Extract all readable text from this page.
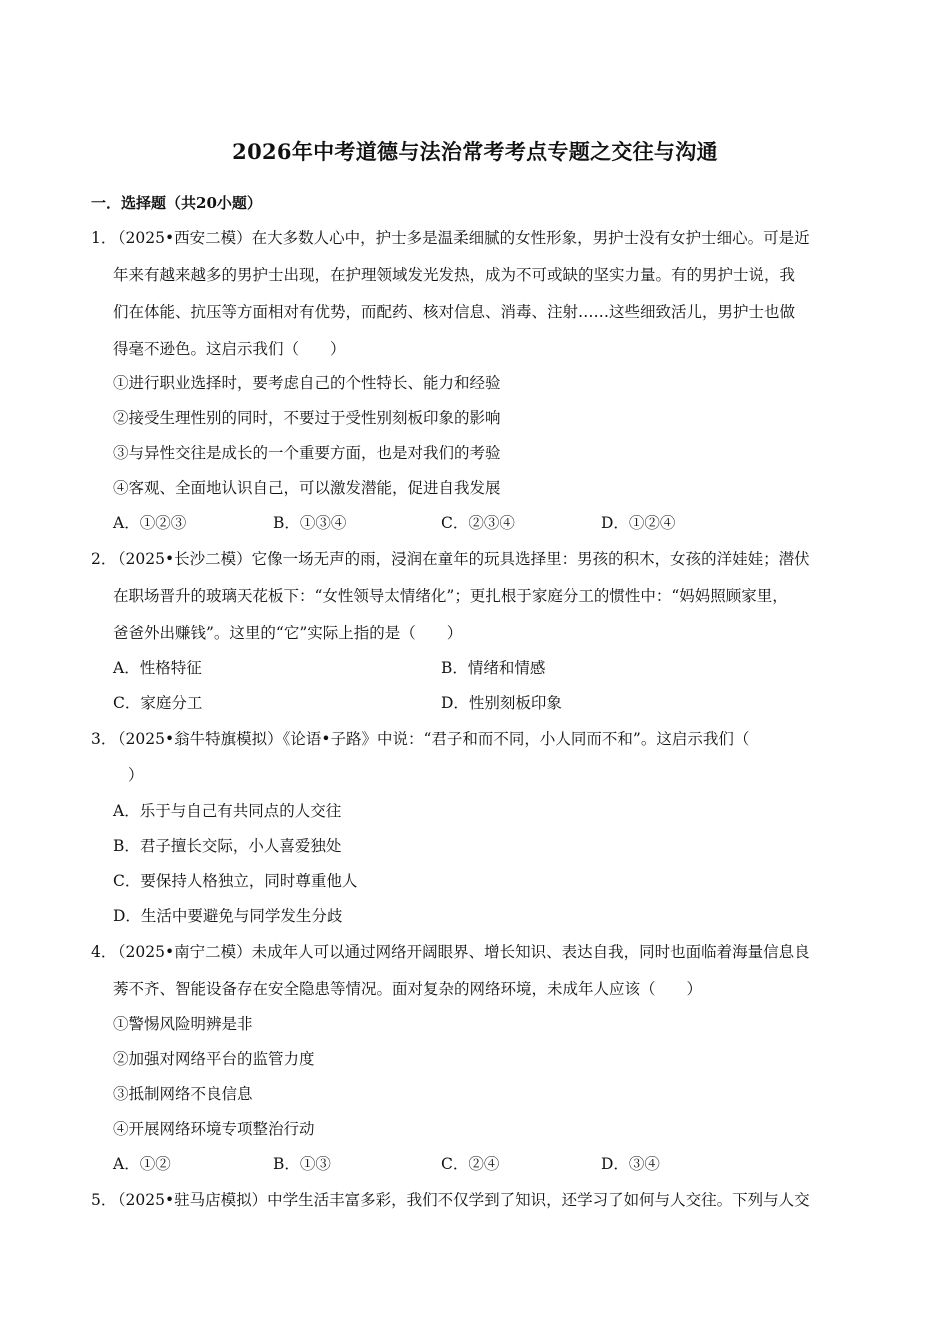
2026年中考道德与法治常考考点专题之交往与沟通
一．选择题（共20小题）
1．
（2025•西安二模）在大多数人心中，护士多是温柔细腻的女性形象，男护士没有女护士细心。可是近
年来有越来越多的男护士出现，在护理领域发光发热，成为不可或缺的坚实力量。有的男护士说，我
们在体能、抗压等方面相对有优势，而配药、核对信息、消毒、注射……这些细致活儿，男护士也做
得毫不逊色。这启示我们（　　）
①进行职业选择时，要考虑自己的个性特长、能力和经验
②接受生理性别的同时，不要过于受性别刻板印象的影响
③与异性交往是成长的一个重要方面，也是对我们的考验
④客观、全面地认识自己，可以激发潜能，促进自我发展
A．①②③	B．①③④	C．②③④	D．①②④
2．
（2025•长沙二模）它像一场无声的雨，浸润在童年的玩具选择里：男孩的积木，女孩的洋娃娃；潜伏
在职场晋升的玻璃天花板下：“女性领导太情绪化”；更扎根于家庭分工的惯性中：“妈妈照顾家里，
爸爸外出赚钱”。这里的“它”实际上指的是（　　）
A．性格特征	B．情绪和情感
C．家庭分工	D．性别刻板印象
3．
（2025•翁牛特旗模拟）《论语•子路》中说：“君子和而不同，小人同而不和”。这启示我们（
）
A．乐于与自己有共同点的人交往
B．君子擅长交际，小人喜爱独处
C．要保持人格独立，同时尊重他人
D．生活中要避免与同学发生分歧
4．
（2025•南宁二模）未成年人可以通过网络开阔眼界、增长知识、表达自我，同时也面临着海量信息良
莠不齐、智能设备存在安全隐患等情况。面对复杂的网络环境，未成年人应该（　　）
①警惕风险明辨是非
②加强对网络平台的监管力度
③抵制网络不良信息
④开展网络环境专项整治行动
A．①②	B．①③	C．②④	D．③④
5．
（2025•驻马店模拟）中学生活丰富多彩，我们不仅学到了知识，还学习了如何与人交往。下列与人交
